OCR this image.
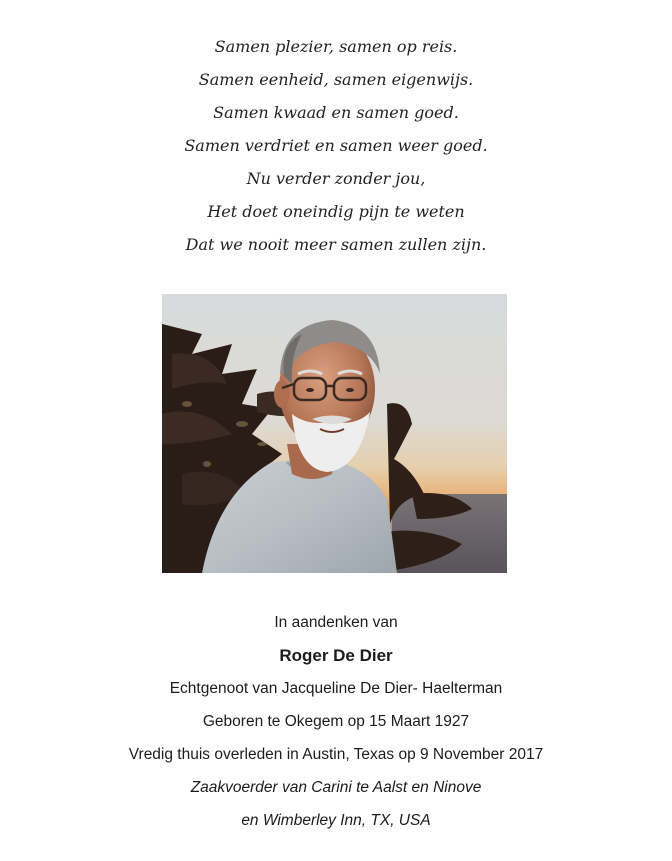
Samen plezier, samen op reis.
Samen eenheid, samen eigenwijs.
Samen kwaad en samen goed.
Samen verdriet en samen weer goed.
Nu verder zonder jou,
Het doet oneindig pijn te weten
Dat we nooit meer samen zullen zijn.
In aandenken van
Roger De Dier
Echtgenoot van Jacqueline De Dier- Haelterman
Geboren te Okegem op 15 Maart 1927
Vredig thuis overleden in Austin, Texas op 9 November 2017
Zaakvoerder van Carini te Aalst en Ninove
en Wimberley Inn, TX, USA
